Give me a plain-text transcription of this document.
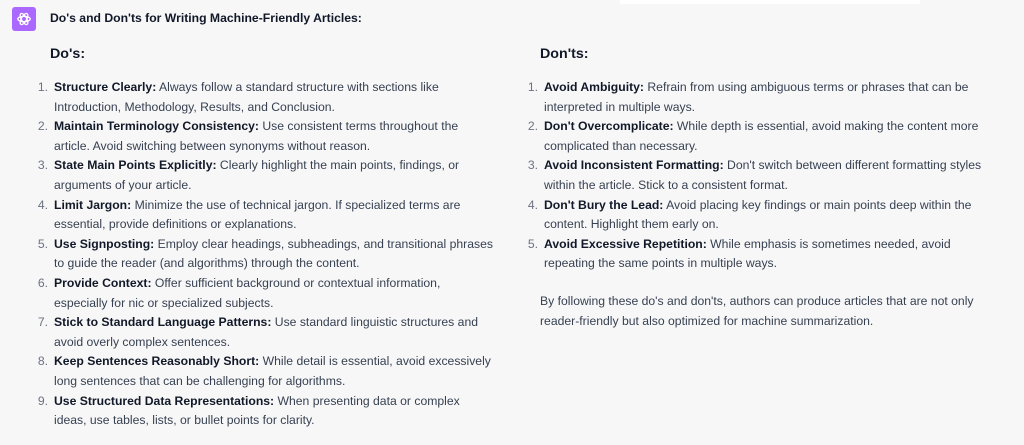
Do's and Don'ts for Writing Machine-Friendly Articles:
Do's:	Don'ts:
1. Structure Clearly: Always follow a standard structure with sections like Introduction, Methodology, Results, and Conclusion.
2. Maintain Terminology Consistency: Use consistent terms throughout the article. Avoid switching between synonyms without reason.
3. State Main Points Explicitly: Clearly highlight the main points, findings, or arguments of your article.
4. Limit Jargon: Minimize the use of technical jargon. If specialized terms are essential, provide definitions or explanations.
5. Use Signposting: Employ clear headings, subheadings, and transitional phrases to guide the reader (and algorithms) through the content.
6. Provide Context: Offer sufficient background or contextual information, especially for nic or specialized subjects.
7. Stick to Standard Language Patterns: Use standard linguistic structures and avoid overly complex sentences.
8. Keep Sentences Reasonably Short: While detail is essential, avoid excessively long sentences that can be challenging for algorithms.
9. Use Structured Data Representations: When presenting data or complex ideas, use tables, lists, or bullet points for clarity.
1. Avoid Ambiguity: Refrain from using ambiguous terms or phrases that can be interpreted in multiple ways.
2. Don't Overcomplicate: While depth is essential, avoid making the content more complicated than necessary.
3. Avoid Inconsistent Formatting: Don't switch between different formatting styles within the article. Stick to a consistent format.
4. Don't Bury the Lead: Avoid placing key findings or main points deep within the content. Highlight them early on.
5. Avoid Excessive Repetition: While emphasis is sometimes needed, avoid repeating the same points in multiple ways.

By following these do's and don'ts, authors can produce articles that are not only reader-friendly but also optimized for machine summarization.
